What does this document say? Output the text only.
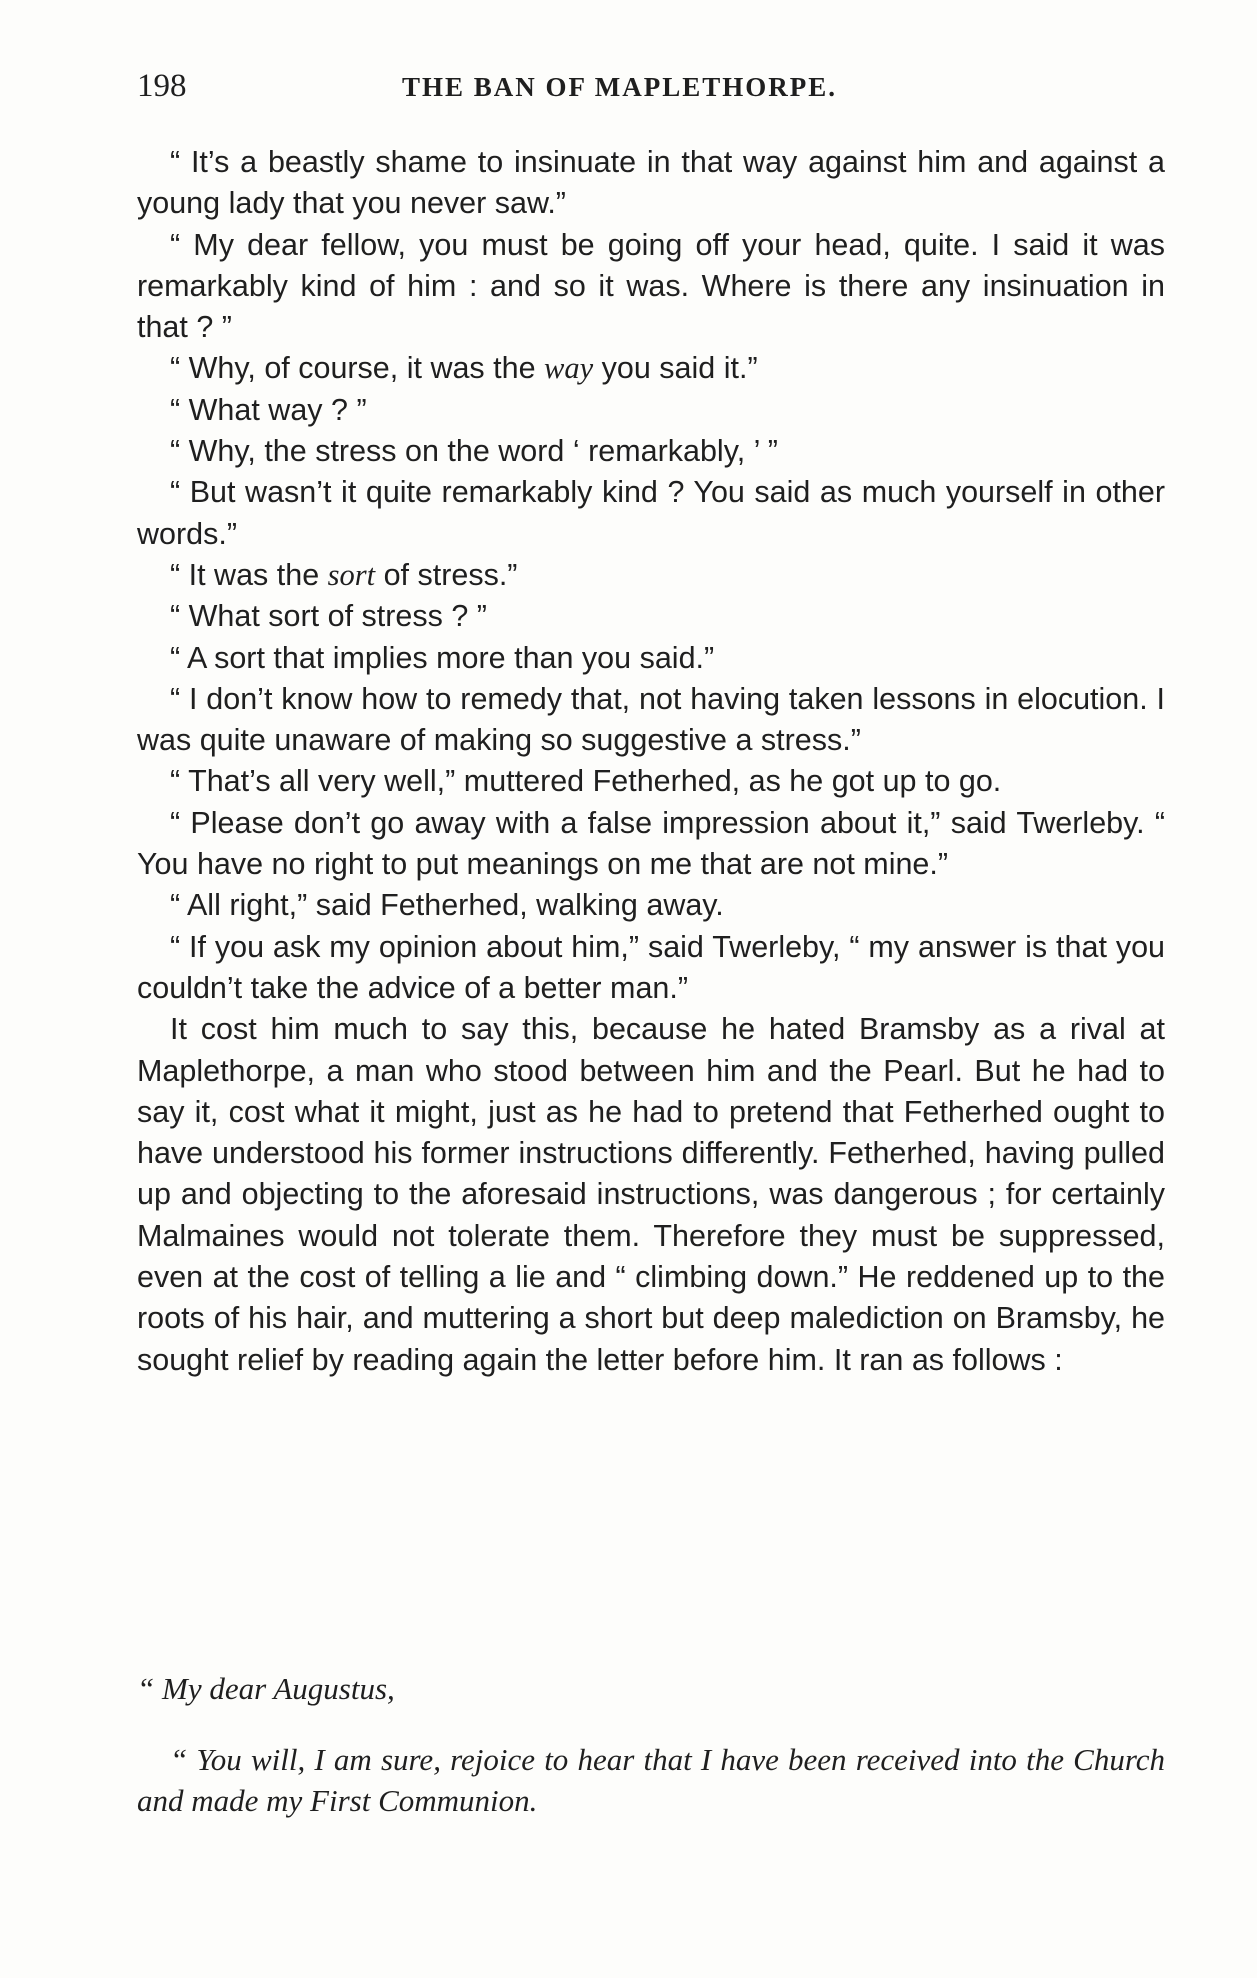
198	THE BAN OF MAPLETHORPE.

“ It’s a beastly shame to insinuate in that way against him and against a young lady that you never saw.”

“ My dear fellow, you must be going off your head, quite. I said it was remarkably kind of him : and so it was. Where is there any insinuation in that ? ”

“ Why, of course, it was the way you said it.”

“ What way ? ”

“ Why, the stress on the word ‘ remarkably, ’ ”

“ But wasn’t it quite remarkably kind ? You said as much yourself in other words.”

“ It was the sort of stress.”

“ What sort of stress ? ”

“ A sort that implies more than you said.”

“ I don’t know how to remedy that, not having taken lessons in elocution. I was quite unaware of making so suggestive a stress.”

“ That’s all very well,” muttered Fetherhed, as he got up to go.

“ Please don’t go away with a false impression about it,” said Twerleby. “ You have no right to put meanings on me that are not mine.”

“ All right,” said Fetherhed, walking away.

“ If you ask my opinion about him,” said Twerleby, “ my answer is that you couldn’t take the advice of a better man.”

It cost him much to say this, because he hated Bramsby as a rival at Maplethorpe, a man who stood between him and the Pearl. But he had to say it, cost what it might, just as he had to pretend that Fetherhed ought to have understood his former instructions differently. Fetherhed, having pulled up and objecting to the aforesaid instructions, was dangerous ; for certainly Malmaines would not tolerate them. Therefore they must be suppressed, even at the cost of telling a lie and “ climbing down.” He reddened up to the roots of his hair, and muttering a short but deep malediction on Bramsby, he sought relief by reading again the letter before him. It ran as follows :

“ My dear Augustus,

“ You will, I am sure, rejoice to hear that I have been received into the Church and made my First Communion.
